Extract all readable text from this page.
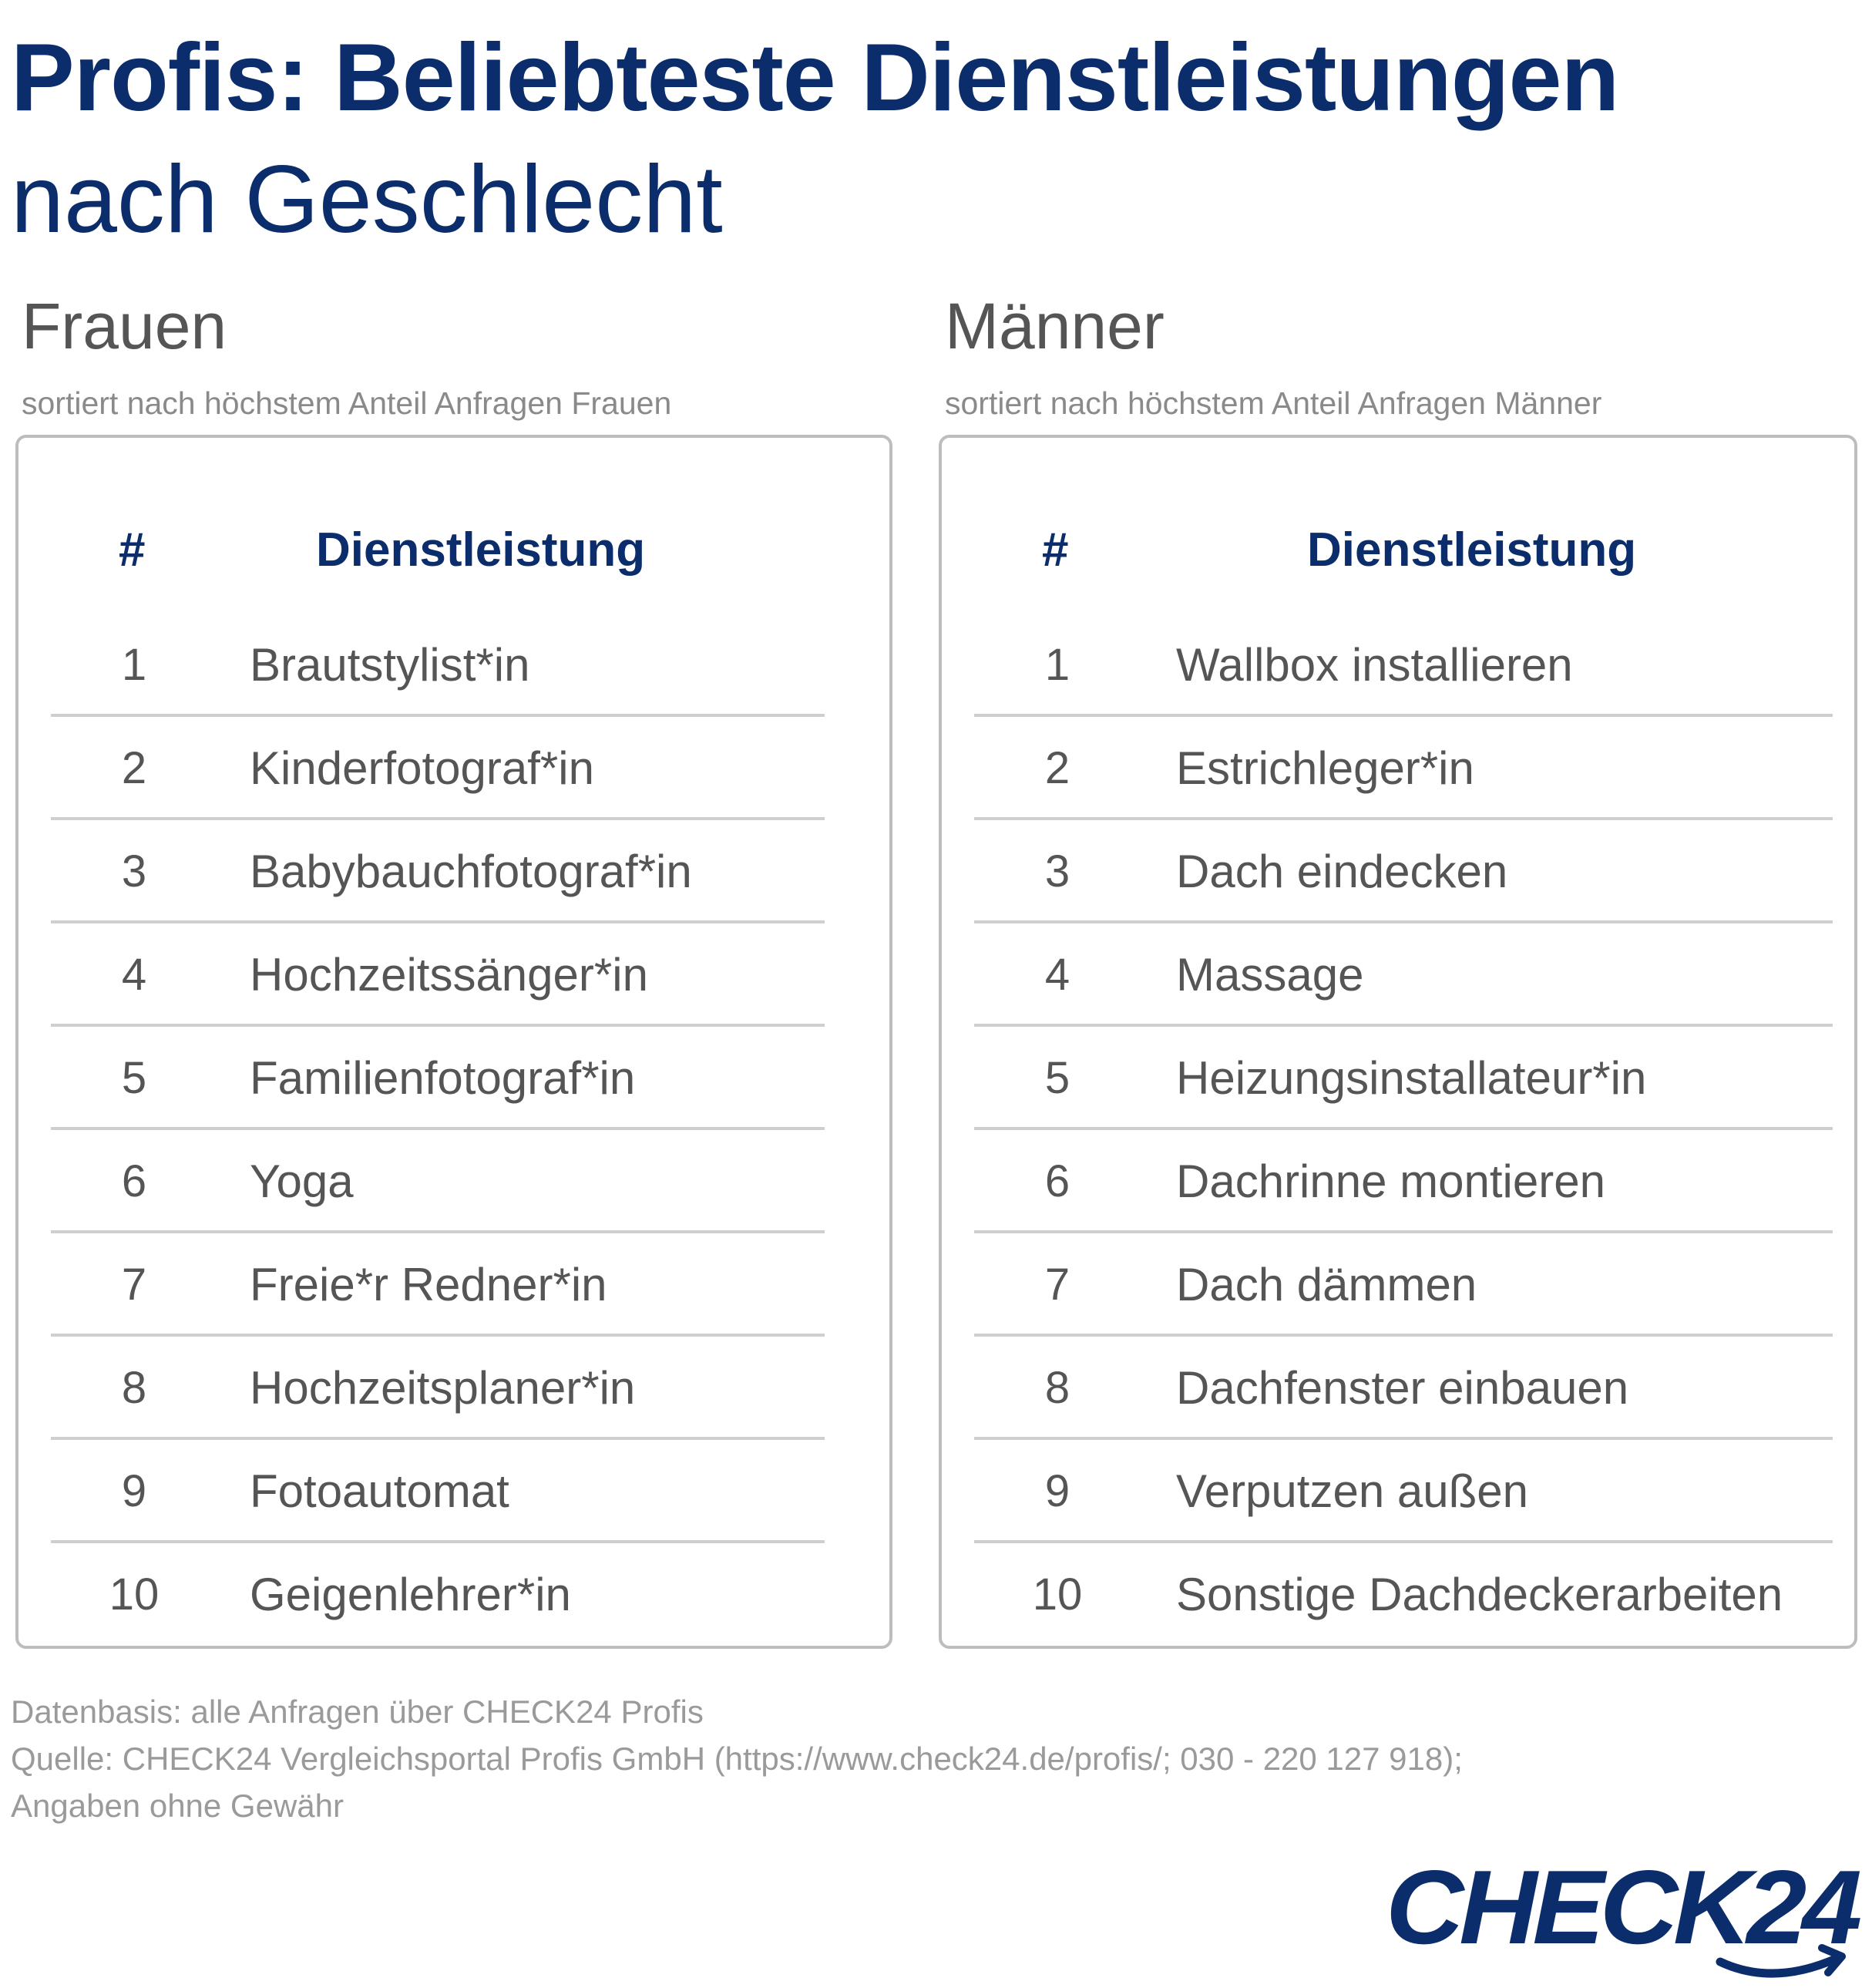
Profis: Beliebteste Dienstleistungen
nach Geschlecht
Frauen
sortiert nach höchstem Anteil Anfragen Frauen
Männer
sortiert nach höchstem Anteil Anfragen Männer
#	Dienstleistung
1	Brautstylist*in
2	Kinderfotograf*in
3	Babybauchfotograf*in
4	Hochzeitssänger*in
5	Familienfotograf*in
6	Yoga
7	Freie*r Redner*in
8	Hochzeitsplaner*in
9	Fotoautomat
10	Geigenlehrer*in
#	Dienstleistung
1	Wallbox installieren
2	Estrichleger*in
3	Dach eindecken
4	Massage
5	Heizungsinstallateur*in
6	Dachrinne montieren
7	Dach dämmen
8	Dachfenster einbauen
9	Verputzen außen
10	Sonstige Dachdeckerarbeiten
Datenbasis: alle Anfragen über CHECK24 Profis
Quelle: CHECK24 Vergleichsportal Profis GmbH (https://www.check24.de/profis/; 030 - 220 127 918);
Angaben ohne Gewähr
CHECK24
